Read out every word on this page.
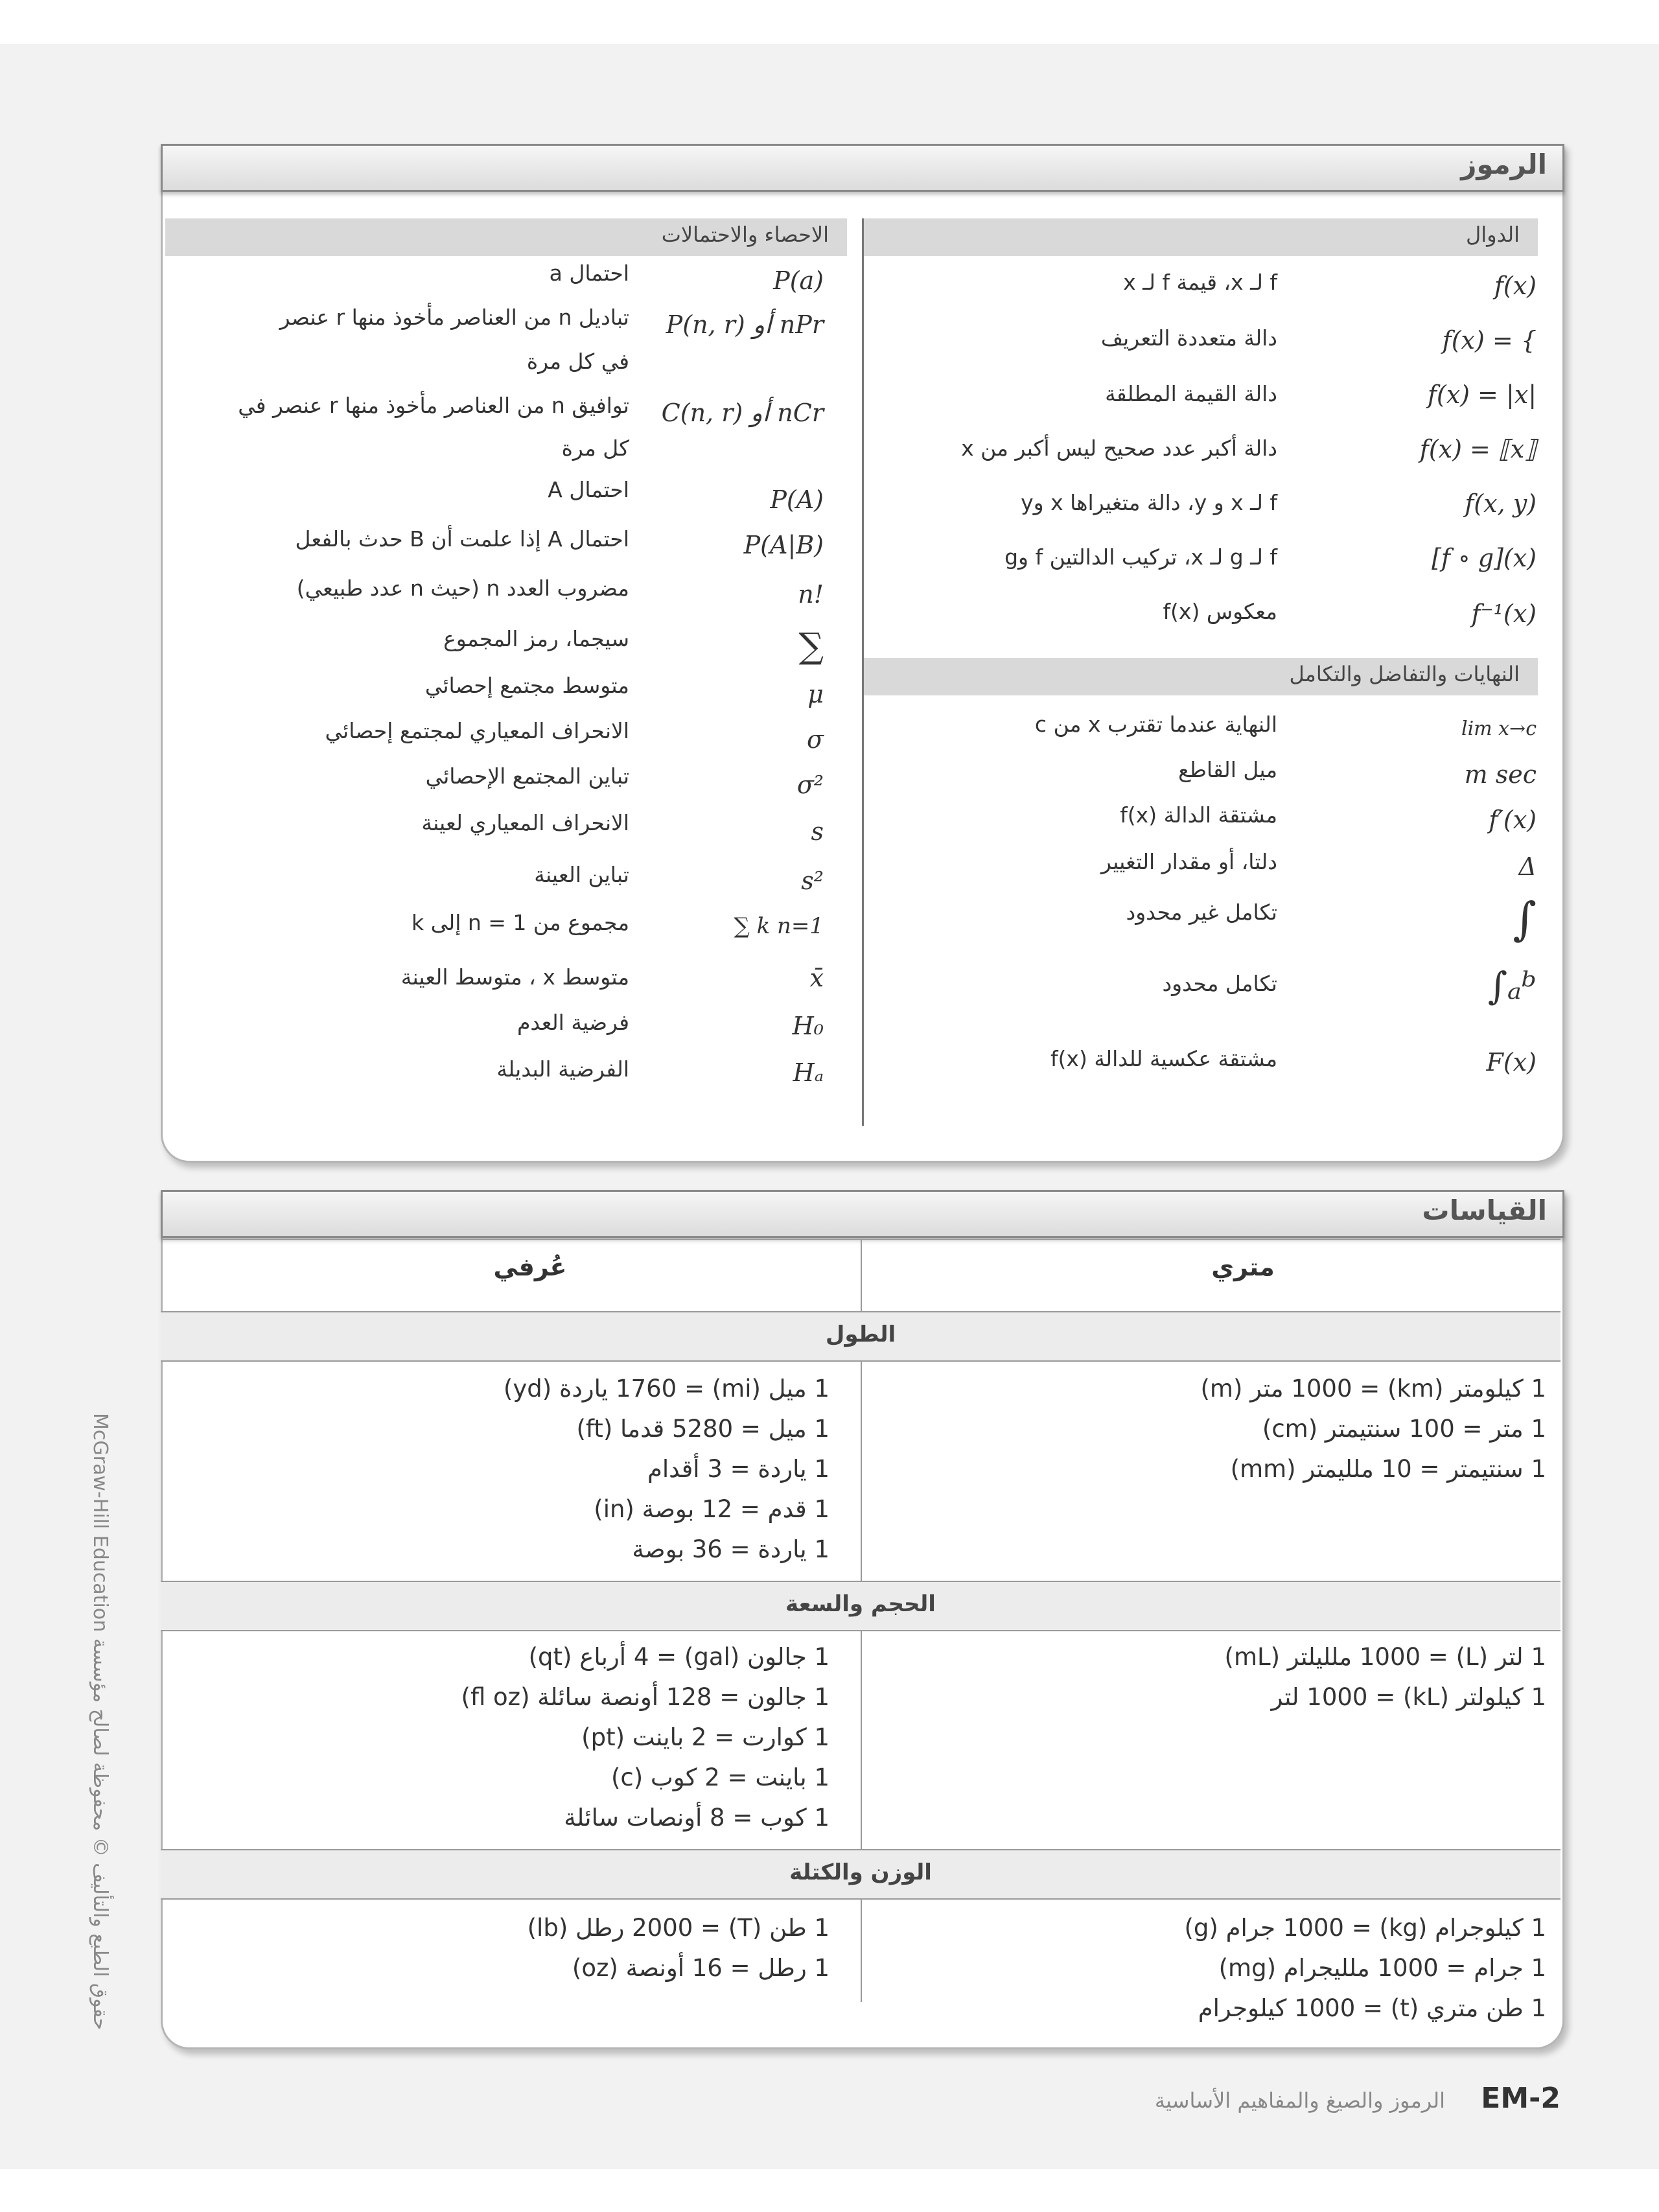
الرموز
الدوال
الاحصاء والاحتمالات
f(x)
f لـ x، قيمة f لـ x
f(x) = {
دالة متعددة التعريف
f(x) = |x|
دالة القيمة المطلقة
f(x) = ⟦x⟧
دالة أكبر عدد صحيح ليس أكبر من x
f(x, y)
f لـ x و y، دالة متغيراها x وy
[f ∘ g](x)
f لـ g لـ x، تركيب الدالتين f وg
f⁻¹(x)
معكوس f(x)
النهايات والتفاضل والتكامل
lim x→c
النهاية عندما تقترب x من c
m sec
ميل القاطع
f′(x)
مشتقة الدالة f(x)
Δ
دلتا، أو مقدار التغيير
∫
تكامل غير محدود
∫ₐᵇ
تكامل محدود
F(x)
مشتقة عكسية للدالة f(x)
P(a)
احتمال a
P(n, r) أو nPr
تباديل n من العناصر مأخوذ منها r عنصر
في كل مرة
C(n, r) أو nCr
توافيق n من العناصر مأخوذ منها r عنصر في
كل مرة
P(A)
احتمال A
P(A|B)
احتمال A إذا علمت أن B حدث بالفعل
n!
مضروب العدد n (حيث n عدد طبيعي)
∑
سيجما، رمز المجموع
μ
متوسط مجتمع إحصائي
σ
الانحراف المعياري لمجتمع إحصائي
σ²
تباين المجتمع الإحصائي
s
الانحراف المعياري لعينة
s²
تباين العينة
∑ k n=1
مجموع من n = 1 إلى k
x̄
متوسط x ، متوسط العينة
H₀
فرضية العدم
Hₐ
الفرضية البديلة
القياسات
متري
عُرفي
الطول
1 كيلومتر (km) = 1000 متر (m)
1 متر = 100 سنتيمتر (cm)
1 سنتيمتر = 10 ملليمتر (mm)
1 ميل (mi) = 1760 ياردة (yd)
1 ميل = 5280 قدما (ft)
1 ياردة = 3 أقدام
1 قدم = 12 بوصة (in)
1 ياردة = 36 بوصة
الحجم والسعة
1 لتر (L) = 1000 ملليلتر (mL)
1 كيلولتر (kL) = 1000 لتر
1 جالون (gal) = 4 أرباع (qt)
1 جالون = 128 أونصة سائلة (fl oz)
1 كوارت = 2 باينت (pt)
1 باينت = 2 كوب (c)
1 كوب = 8 أونصات سائلة
الوزن والكتلة
1 كيلوجرام (kg) = 1000 جرام (g)
1 جرام = 1000 ملليجرام (mg)
1 طن متري (t) = 1000 كيلوجرام
1 طن (T) = 2000 رطل (lb)
1 رطل = 16 أونصة (oz)
حقوق الطبع والتأليف © محفوظة لصالح مؤسسة McGraw-Hill Education
EM-2
الرموز والصيغ والمفاهيم الأساسية
